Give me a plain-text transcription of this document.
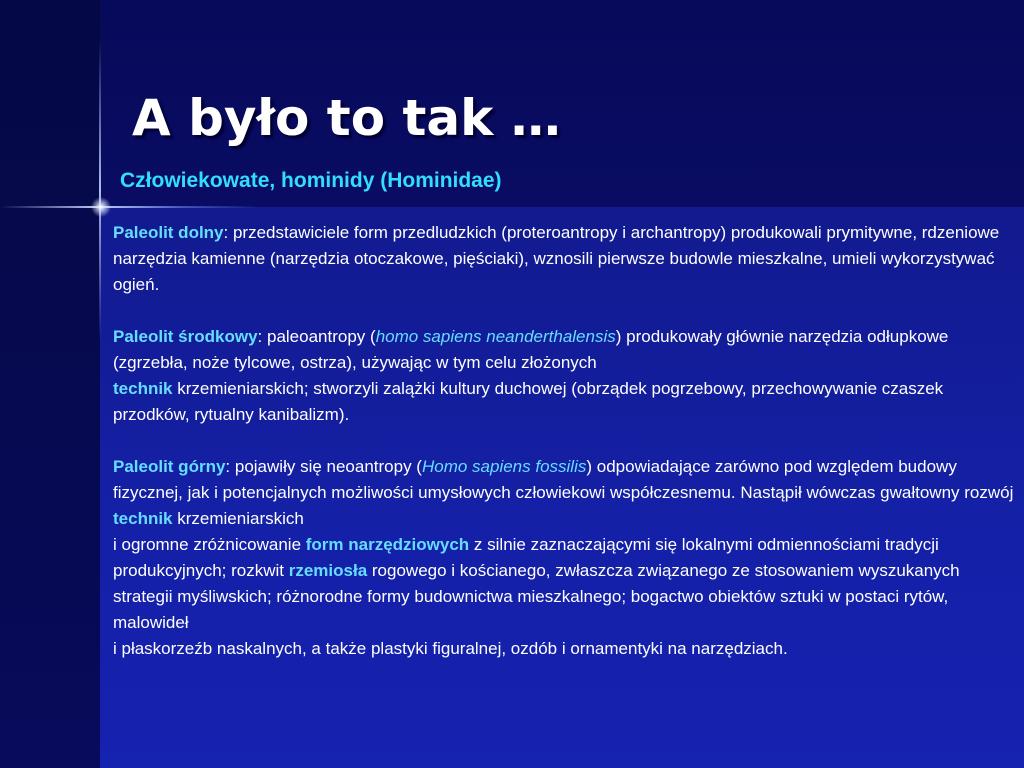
A było to tak …
Człowiekowate, hominidy (Hominidae)

Paleolit dolny: przedstawiciele form przedludzkich (proteroantropy i archantropy) produkowali prymitywne, rdzeniowe narzędzia kamienne (narzędzia otoczakowe, pięściaki), wznosili pierwsze budowle mieszkalne, umieli wykorzystywać ogień.

Paleolit środkowy: paleoantropy (homo sapiens neanderthalensis) produkowały głównie narzędzia odłupkowe (zgrzebła, noże tylcowe, ostrza), używając w tym celu złożonych
technik krzemieniarskich; stworzyli zalążki kultury duchowej (obrządek pogrzebowy, przechowywanie czaszek przodków, rytualny kanibalizm).

Paleolit górny: pojawiły się neoantropy (Homo sapiens fossilis) odpowiadające zarówno pod względem budowy fizycznej, jak i potencjalnych możliwości umysłowych człowiekowi współczesnemu. Nastąpił wówczas gwałtowny rozwój technik krzemieniarskich
i ogromne zróżnicowanie form narzędziowych z silnie zaznaczającymi się lokalnymi odmiennościami tradycji produkcyjnych; rozkwit rzemiosła rogowego i kościanego, zwłaszcza związanego ze stosowaniem wyszukanych strategii myśliwskich; różnorodne formy budownictwa mieszkalnego; bogactwo obiektów sztuki w postaci rytów, malowideł
i płaskorzeźb naskalnych, a także plastyki figuralnej, ozdób i ornamentyki na narzędziach.
